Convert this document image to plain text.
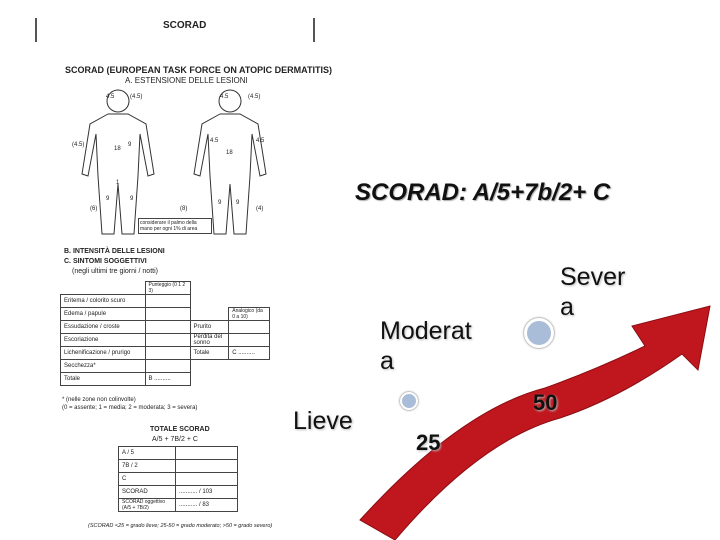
SCORAD
SCORAD (EUROPEAN TASK FORCE ON ATOPIC DERMATITIS)
A. ESTENSIONE DELLE LESIONI
4.5	(4.5)	4.5	(4.5)
(4.5)
18
9
18
4.5	4.5
1
9	9
(6)	(8)
9 9
(4)
considerare il palmo della mano per ogni 1% di area
B. INTENSITÀ DELLE LESIONI
C. SINTOMI SOGGETTIVI
(negli ultimi tre giorni / notti)
	Punteggio (0 1 2 3)		
Eritema / colorito scuro			
Edema / papule			Analogico (da 0 a 10)
Essudazione / croste		Prurito	
Escoriazione		Perdita del sonno	
Lichenificazione / prurigo		Totale	C ..........
Secchezza*			
Totale	B ..........		
* (nelle zone non colinvolte)
(0 = assente; 1 = media; 2 = moderata; 3 = severa)
TOTALE SCORAD
A/5 + 7B/2 + C
A / 5	
7B / 2	
C	
SCORAD	........... / 103
SCORAD oggettivo (A/5 + 7B/2)	........... / 83
(SCORAD <25 = grado lieve; 25-50 = grado moderato; >50 = grado severo)
SCORAD: A/5+7b/2+ C
Lieve
Moderat a
Sever a
25
50
